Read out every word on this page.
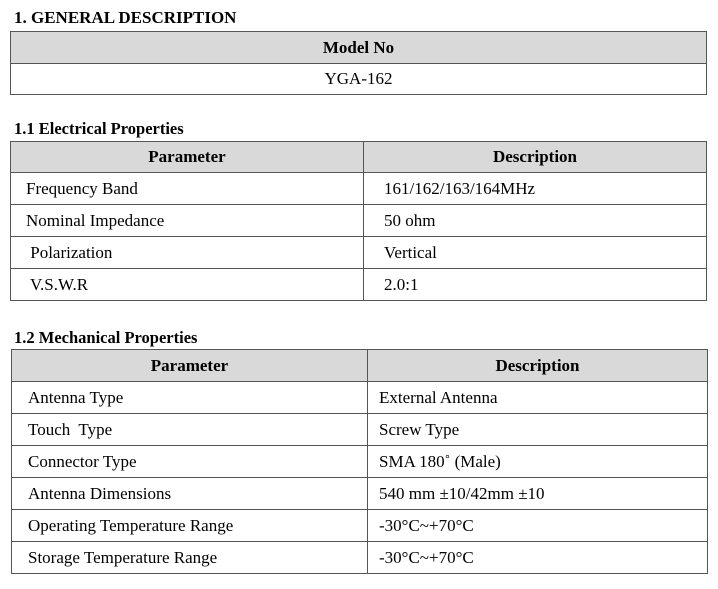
1. GENERAL DESCRIPTION
Model No
YGA-162
1.1 Electrical Properties
Parameter	Description
Frequency Band	161/162/163/164MHz
Nominal Impedance	50 ohm
Polarization	Vertical
V.S.W.R	2.0:1
1.2 Mechanical Properties
Parameter	Description
Antenna Type	External Antenna
Touch  Type	Screw Type
Connector Type	SMA 180˚ (Male)
Antenna Dimensions	540 mm ±10/42mm ±10
Operating Temperature Range	-30°C~+70°C
Storage Temperature Range	-30°C~+70°C
